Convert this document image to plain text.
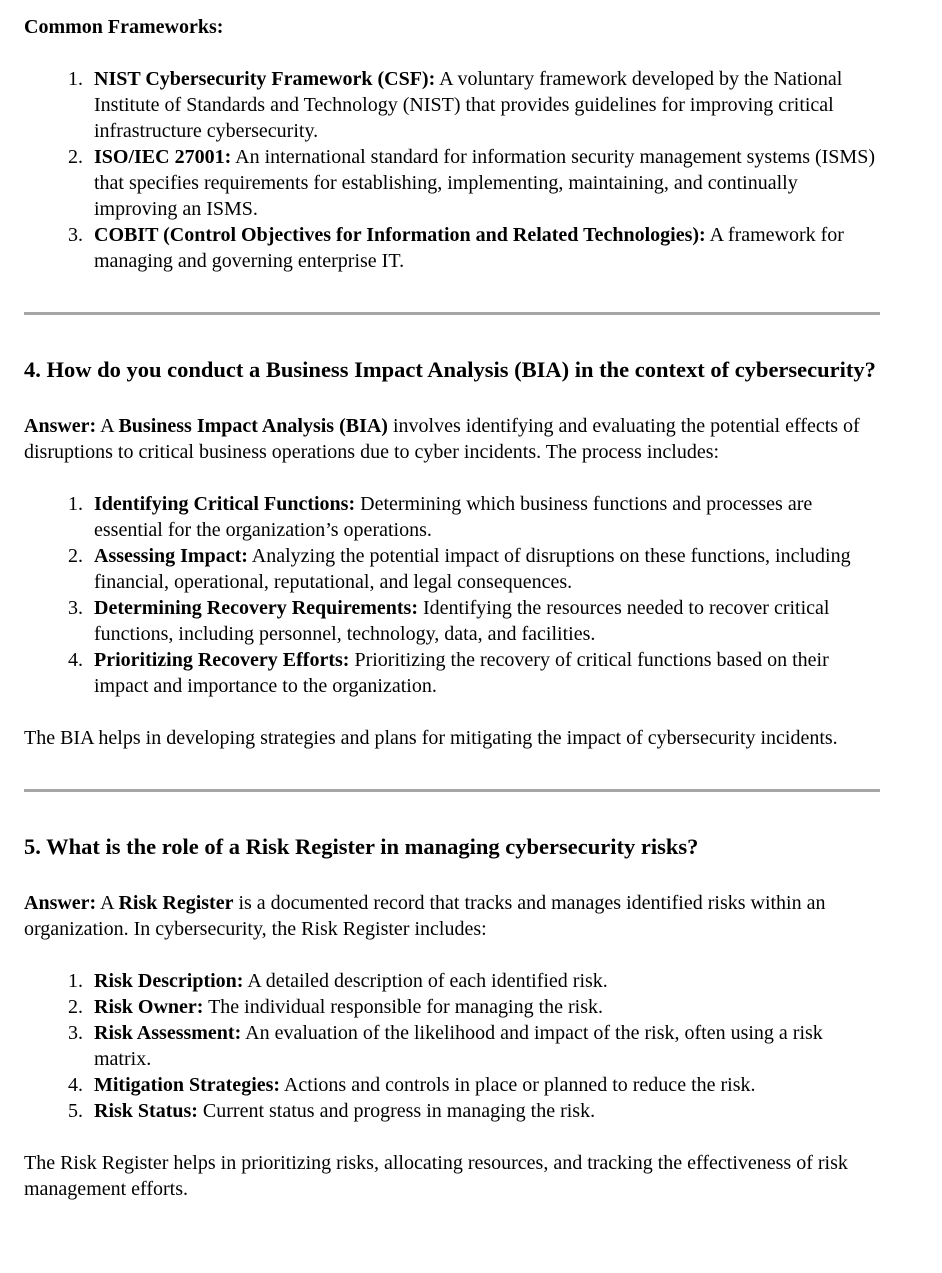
Common Frameworks:

1. NIST Cybersecurity Framework (CSF): A voluntary framework developed by the National Institute of Standards and Technology (NIST) that provides guidelines for improving critical infrastructure cybersecurity.
2. ISO/IEC 27001: An international standard for information security management systems (ISMS) that specifies requirements for establishing, implementing, maintaining, and continually improving an ISMS.
3. COBIT (Control Objectives for Information and Related Technologies): A framework for managing and governing enterprise IT.
4. How do you conduct a Business Impact Analysis (BIA) in the context of cybersecurity?

Answer: A Business Impact Analysis (BIA) involves identifying and evaluating the potential effects of disruptions to critical business operations due to cyber incidents. The process includes:

1. Identifying Critical Functions: Determining which business functions and processes are essential for the organization’s operations.
2. Assessing Impact: Analyzing the potential impact of disruptions on these functions, including financial, operational, reputational, and legal consequences.
3. Determining Recovery Requirements: Identifying the resources needed to recover critical functions, including personnel, technology, data, and facilities.
4. Prioritizing Recovery Efforts: Prioritizing the recovery of critical functions based on their impact and importance to the organization.

The BIA helps in developing strategies and plans for mitigating the impact of cybersecurity incidents.

5. What is the role of a Risk Register in managing cybersecurity risks?

Answer: A Risk Register is a documented record that tracks and manages identified risks within an organization. In cybersecurity, the Risk Register includes:

1. Risk Description: A detailed description of each identified risk.
2. Risk Owner: The individual responsible for managing the risk.
3. Risk Assessment: An evaluation of the likelihood and impact of the risk, often using a risk matrix.
4. Mitigation Strategies: Actions and controls in place or planned to reduce the risk.
5. Risk Status: Current status and progress in managing the risk.

The Risk Register helps in prioritizing risks, allocating resources, and tracking the effectiveness of risk management efforts.
